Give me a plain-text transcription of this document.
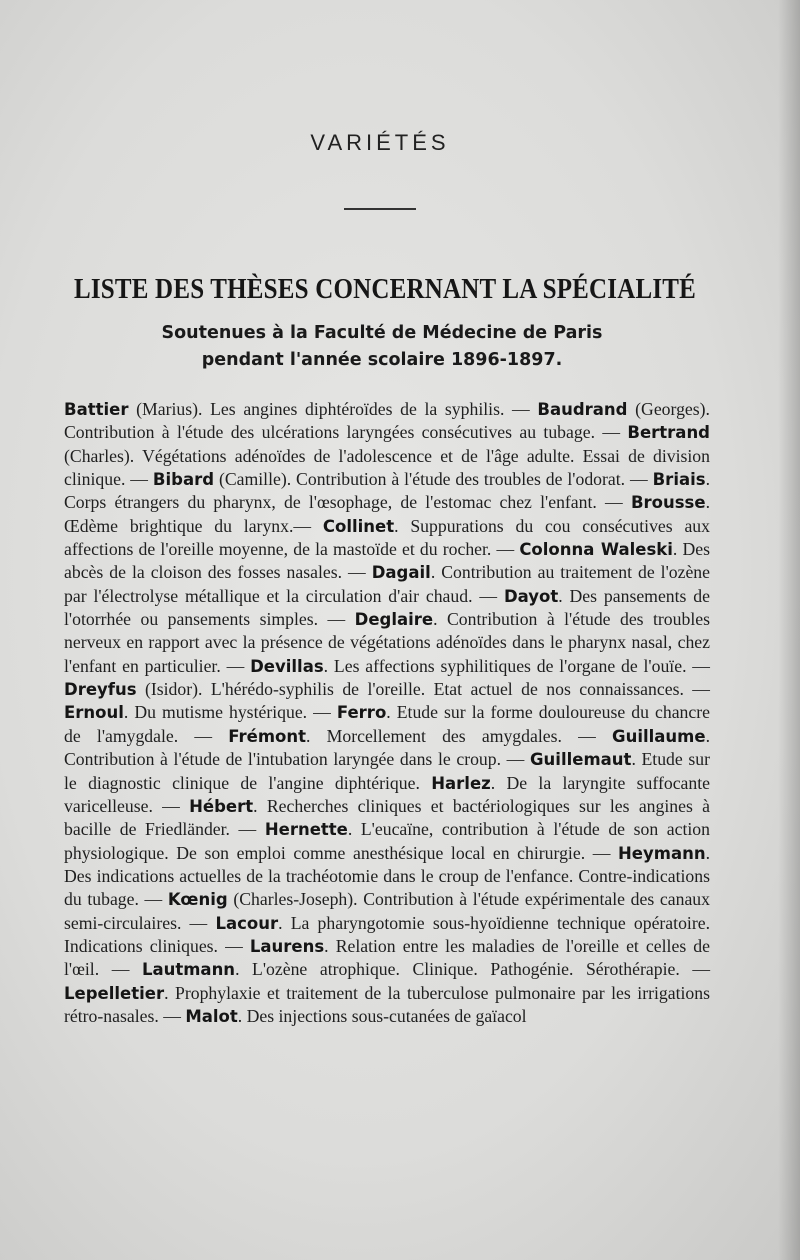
VARIÉTÉS
LISTE DES THÈSES CONCERNANT LA SPÉCIALITÉ
Soutenues à la Faculté de Médecine de Paris
pendant l'année scolaire 1896-1897.
Battier (Marius). Les angines diphtéroïdes de la syphilis. — Baudrand (Georges). Contribution à l'étude des ulcérations laryngées consécutives au tubage. — Bertrand (Charles). Végétations adénoïdes de l'adolescence et de l'âge adulte. Essai de division clinique. — Bibard (Camille). Contribution à l'étude des troubles de l'odorat. — Briais. Corps étrangers du pharynx, de l'œsophage, de l'estomac chez l'enfant. — Brousse. Œdème brightique du larynx.— Collinet. Suppurations du cou consécutives aux affections de l'oreille moyenne, de la mastoïde et du rocher. — Colonna Waleski. Des abcès de la cloison des fosses nasales. — Dagail. Contribution au traitement de l'ozène par l'électrolyse métallique et la circulation d'air chaud. — Dayot. Des pansements de l'otorrhée ou pansements simples. — Deglaire. Contribution à l'étude des troubles nerveux en rapport avec la présence de végétations adénoïdes dans le pharynx nasal, chez l'enfant en particulier. — Devillas. Les affections syphilitiques de l'organe de l'ouïe. — Dreyfus (Isidor). L'hérédo-syphilis de l'oreille. Etat actuel de nos connaissances. — Ernoul. Du mutisme hystérique. — Ferro. Etude sur la forme douloureuse du chancre de l'amygdale. — Frémont. Morcellement des amygdales. — Guillaume. Contribution à l'étude de l'intubation laryngée dans le croup. — Guillemaut. Etude sur le diagnostic clinique de l'angine diphtérique. Harlez. De la laryngite suffocante varicelleuse. — Hébert. Recherches cliniques et bactériologiques sur les angines à bacille de Friedländer. — Hernette. L'eucaïne, contribution à l'étude de son action physiologique. De son emploi comme anesthésique local en chirurgie. — Heymann. Des indications actuelles de la trachéotomie dans le croup de l'enfance. Contre-indications du tubage. — Kœnig (Charles-Joseph). Contribution à l'étude expérimentale des canaux semi-circulaires. — Lacour. La pharyngotomie sous-hyoïdienne technique opératoire. Indications cliniques. — Laurens. Relation entre les maladies de l'oreille et celles de l'œil. — Lautmann. L'ozène atrophique. Clinique. Pathogénie. Sérothérapie. — Lepelletier. Prophylaxie et traitement de la tuberculose pulmonaire par les irrigations rétro-nasales. — Malot. Des injections sous-cutanées de gaïacol
